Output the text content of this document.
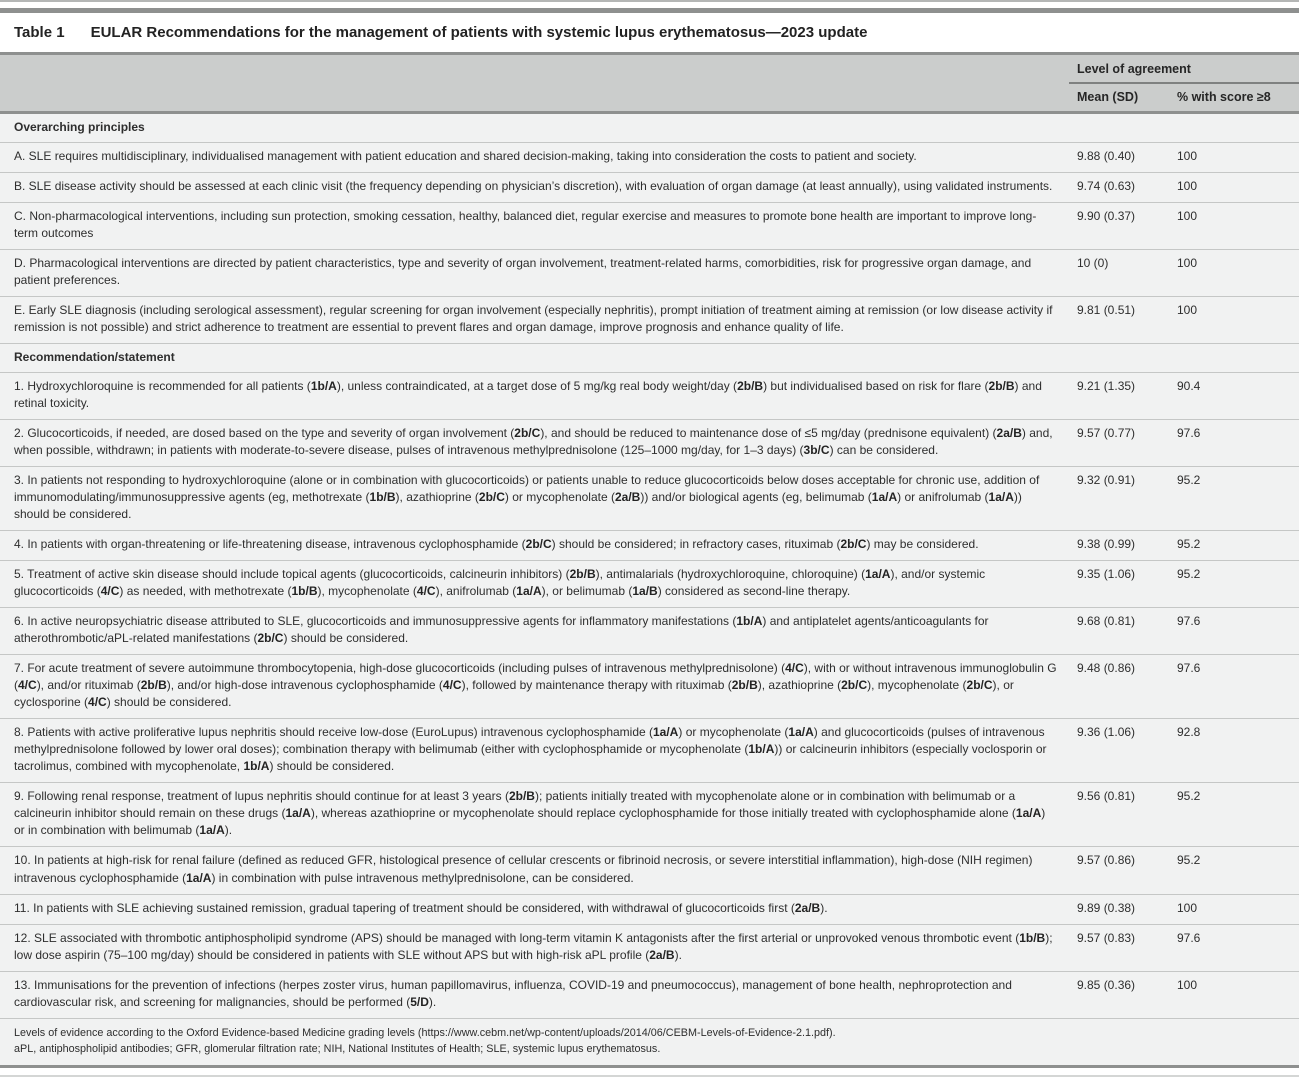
Table 1 EULAR Recommendations for the management of patients with systemic lupus erythematosus—2023 update
	Level of agreement	
	Mean (SD)	% with score ≥8
Overarching principles		
A. SLE requires multidisciplinary, individualised management with patient education and shared decision-making, taking into consideration the costs to patient and society.	9.88 (0.40)	100
B. SLE disease activity should be assessed at each clinic visit (the frequency depending on physician’s discretion), with evaluation of organ damage (at least annually), using validated instruments.	9.74 (0.63)	100
C. Non-pharmacological interventions, including sun protection, smoking cessation, healthy, balanced diet, regular exercise and measures to promote bone health are important to improve long-term outcomes	9.90 (0.37)	100
D. Pharmacological interventions are directed by patient characteristics, type and severity of organ involvement, treatment-related harms, comorbidities, risk for progressive organ damage, and patient preferences.	10 (0)	100
E. Early SLE diagnosis (including serological assessment), regular screening for organ involvement (especially nephritis), prompt initiation of treatment aiming at remission (or low disease activity if remission is not possible) and strict adherence to treatment are essential to prevent flares and organ damage, improve prognosis and enhance quality of life.	9.81 (0.51)	100
Recommendation/statement		
1. Hydroxychloroquine is recommended for all patients (1b/A), unless contraindicated, at a target dose of 5 mg/kg real body weight/day (2b/B) but individualised based on risk for flare (2b/B) and retinal toxicity.	9.21 (1.35)	90.4
2. Glucocorticoids, if needed, are dosed based on the type and severity of organ involvement (2b/C), and should be reduced to maintenance dose of ≤5 mg/day (prednisone equivalent) (2a/B) and, when possible, withdrawn; in patients with moderate-to-severe disease, pulses of intravenous methylprednisolone (125–1000 mg/day, for 1–3 days) (3b/C) can be considered.	9.57 (0.77)	97.6
3. In patients not responding to hydroxychloroquine (alone or in combination with glucocorticoids) or patients unable to reduce glucocorticoids below doses acceptable for chronic use, addition of immunomodulating/immunosuppressive agents (eg, methotrexate (1b/B), azathioprine (2b/C) or mycophenolate (2a/B)) and/or biological agents (eg, belimumab (1a/A) or anifrolumab (1a/A)) should be considered.	9.32 (0.91)	95.2
4. In patients with organ-threatening or life-threatening disease, intravenous cyclophosphamide (2b/C) should be considered; in refractory cases, rituximab (2b/C) may be considered.	9.38 (0.99)	95.2
5. Treatment of active skin disease should include topical agents (glucocorticoids, calcineurin inhibitors) (2b/B), antimalarials (hydroxychloroquine, chloroquine) (1a/A), and/or systemic glucocorticoids (4/C) as needed, with methotrexate (1b/B), mycophenolate (4/C), anifrolumab (1a/A), or belimumab (1a/B) considered as second-line therapy.	9.35 (1.06)	95.2
6. In active neuropsychiatric disease attributed to SLE, glucocorticoids and immunosuppressive agents for inflammatory manifestations (1b/A) and antiplatelet agents/anticoagulants for atherothrombotic/aPL-related manifestations (2b/C) should be considered.	9.68 (0.81)	97.6
7. For acute treatment of severe autoimmune thrombocytopenia, high-dose glucocorticoids (including pulses of intravenous methylprednisolone) (4/C), with or without intravenous immunoglobulin G (4/C), and/or rituximab (2b/B), and/or high-dose intravenous cyclophosphamide (4/C), followed by maintenance therapy with rituximab (2b/B), azathioprine (2b/C), mycophenolate (2b/C), or cyclosporine (4/C) should be considered.	9.48 (0.86)	97.6
8. Patients with active proliferative lupus nephritis should receive low-dose (EuroLupus) intravenous cyclophosphamide (1a/A) or mycophenolate (1a/A) and glucocorticoids (pulses of intravenous methylprednisolone followed by lower oral doses); combination therapy with belimumab (either with cyclophosphamide or mycophenolate (1b/A)) or calcineurin inhibitors (especially voclosporin or tacrolimus, combined with mycophenolate, 1b/A) should be considered.	9.36 (1.06)	92.8
9. Following renal response, treatment of lupus nephritis should continue for at least 3 years (2b/B); patients initially treated with mycophenolate alone or in combination with belimumab or a calcineurin inhibitor should remain on these drugs (1a/A), whereas azathioprine or mycophenolate should replace cyclophosphamide for those initially treated with cyclophosphamide alone (1a/A) or in combination with belimumab (1a/A).	9.56 (0.81)	95.2
10. In patients at high-risk for renal failure (defined as reduced GFR, histological presence of cellular crescents or fibrinoid necrosis, or severe interstitial inflammation), high-dose (NIH regimen) intravenous cyclophosphamide (1a/A) in combination with pulse intravenous methylprednisolone, can be considered.	9.57 (0.86)	95.2
11. In patients with SLE achieving sustained remission, gradual tapering of treatment should be considered, with withdrawal of glucocorticoids first (2a/B).	9.89 (0.38)	100
12. SLE associated with thrombotic antiphospholipid syndrome (APS) should be managed with long-term vitamin K antagonists after the first arterial or unprovoked venous thrombotic event (1b/B); low dose aspirin (75–100 mg/day) should be considered in patients with SLE without APS but with high-risk aPL profile (2a/B).	9.57 (0.83)	97.6
13. Immunisations for the prevention of infections (herpes zoster virus, human papillomavirus, influenza, COVID-19 and pneumococcus), management of bone health, nephroprotection and cardiovascular risk, and screening for malignancies, should be performed (5/D).	9.85 (0.36)	100

Levels of evidence according to the Oxford Evidence-based Medicine grading levels (https://www.cebm.net/wp-content/uploads/2014/06/CEBM-Levels-of-Evidence-2.1.pdf).
aPL, antiphospholipid antibodies; GFR, glomerular filtration rate; NIH, National Institutes of Health; SLE, systemic lupus erythematosus.		
